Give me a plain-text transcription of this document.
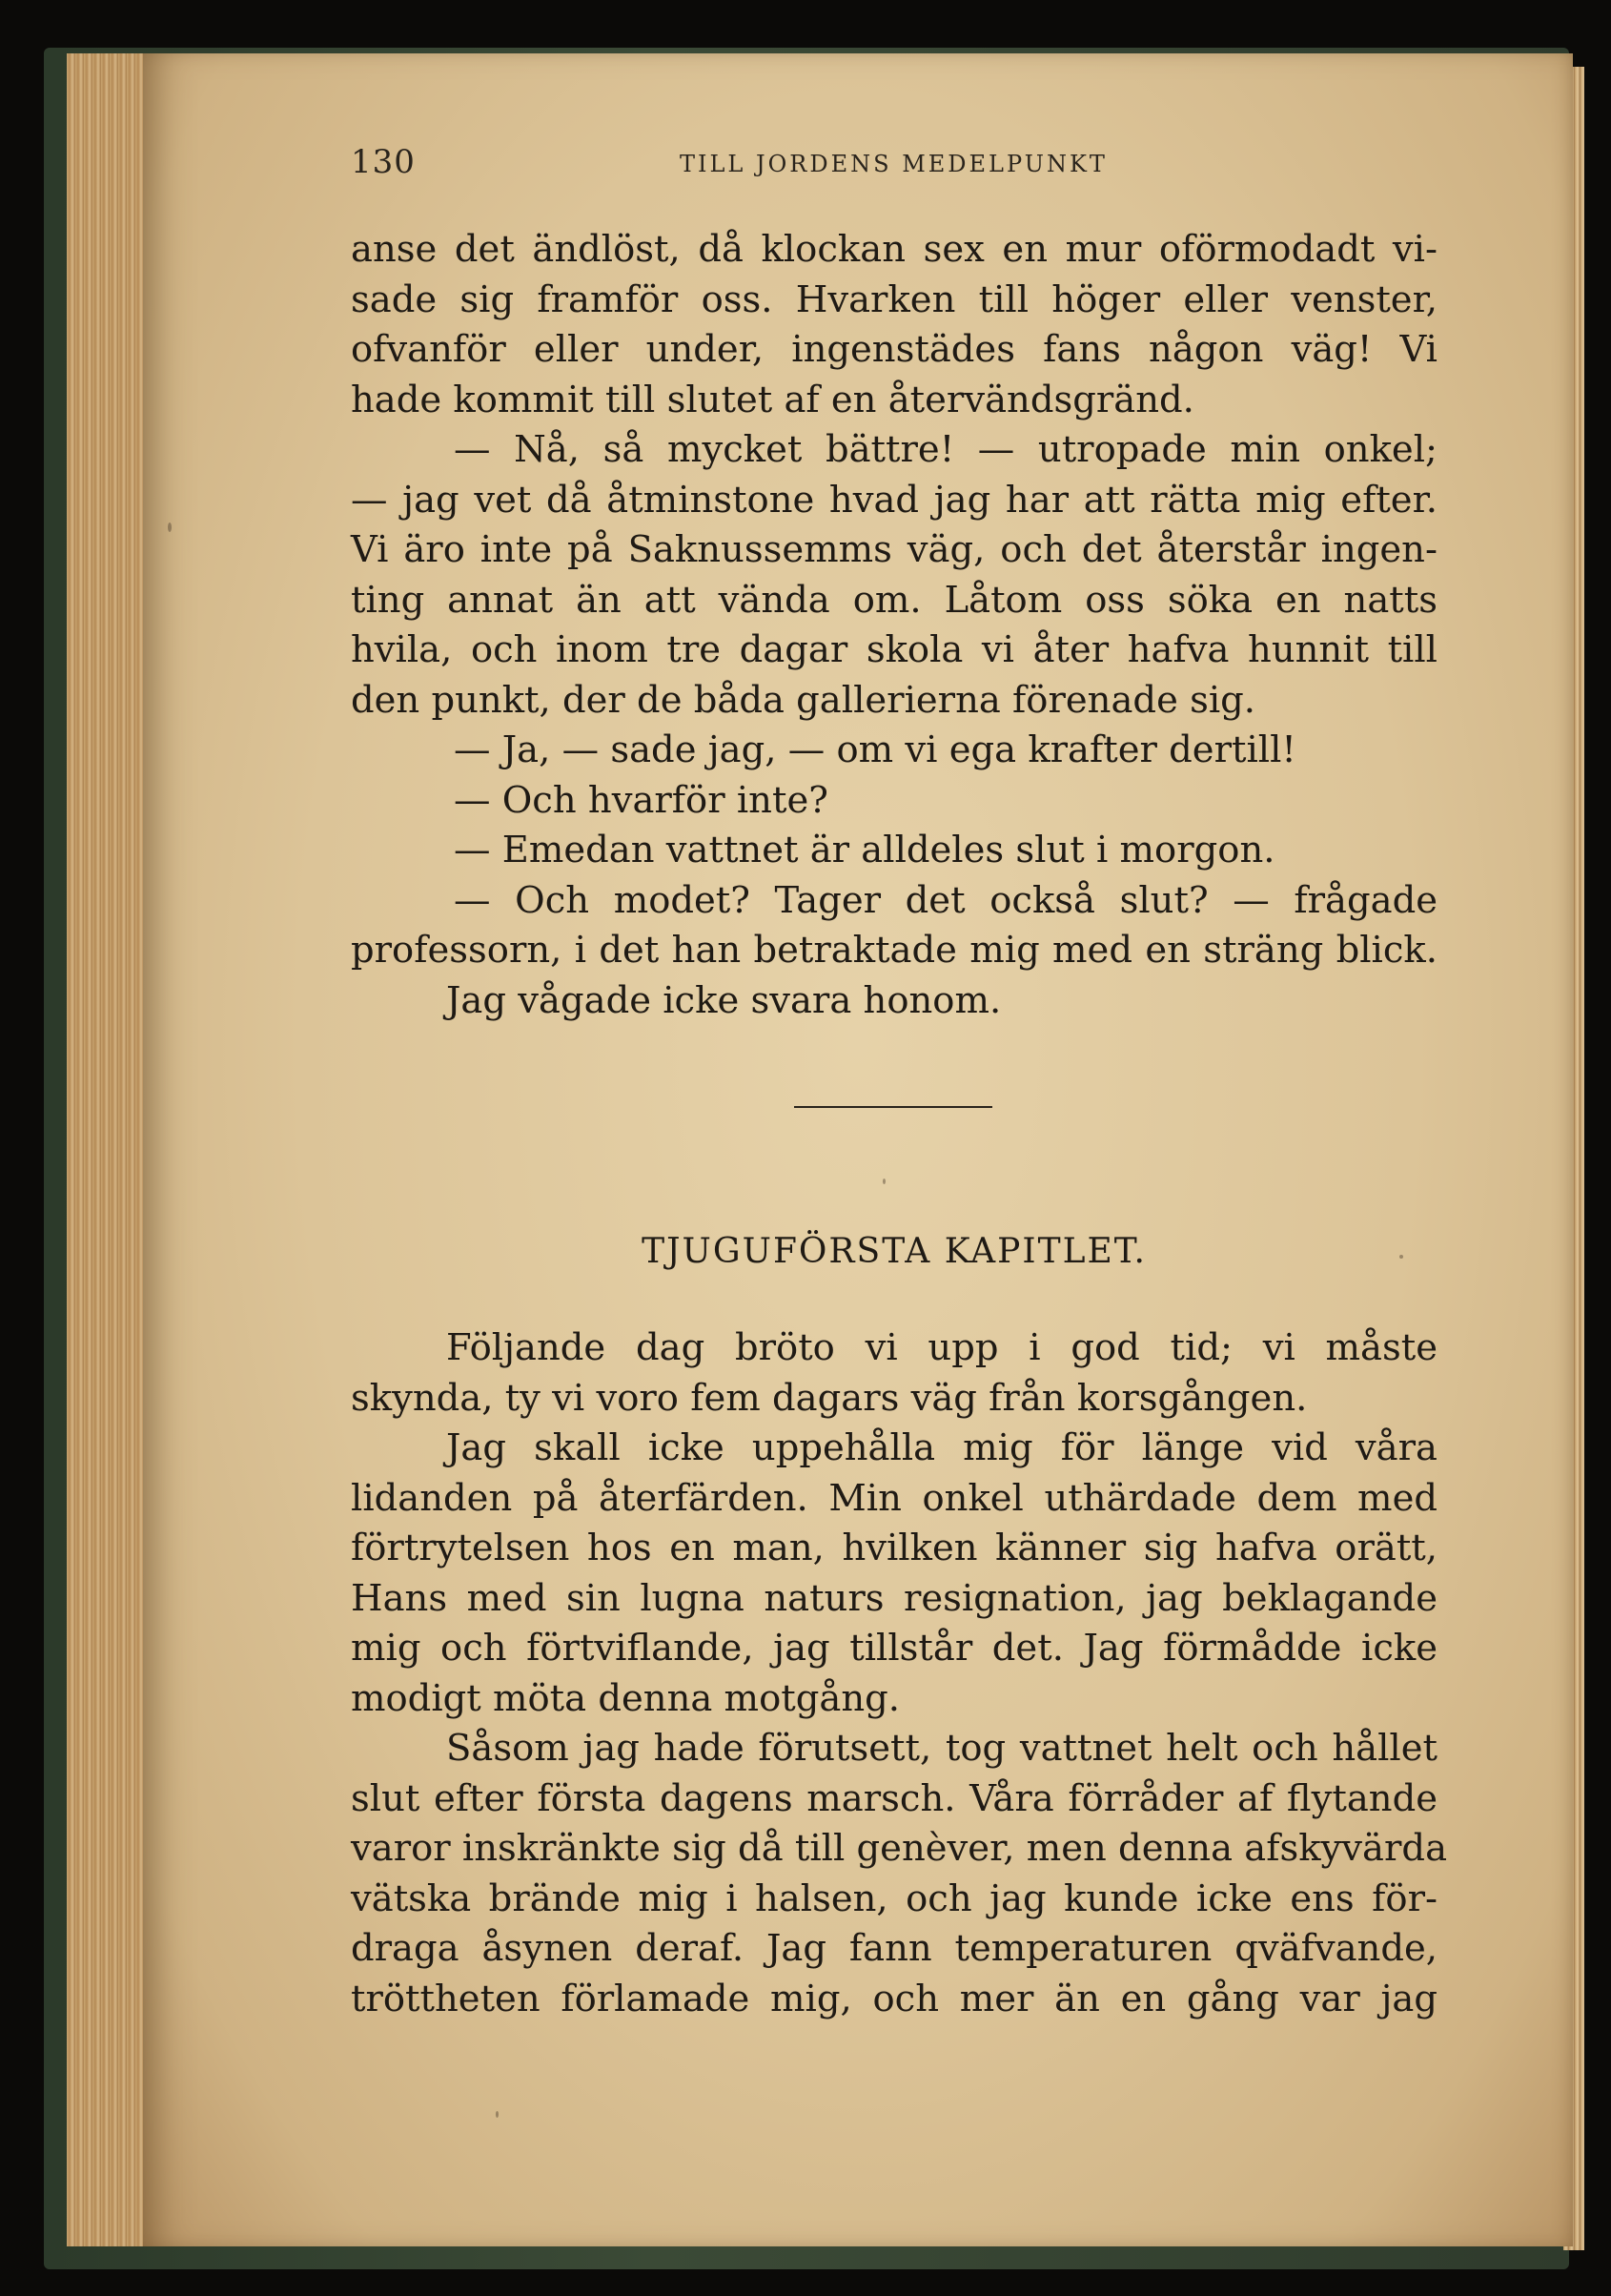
130	TILL JORDENS MEDELPUNKT
anse det ändlöst, då klockan sex en mur oförmodadt vi-
sade sig framför oss. Hvarken till höger eller venster,
ofvanför eller under, ingenstädes fans någon väg! Vi
hade kommit till slutet af en återvändsgränd.
— Nå, så mycket bättre! — utropade min onkel;
— jag vet då åtminstone hvad jag har att rätta mig efter.
Vi äro inte på Saknussemms väg, och det återstår ingen-
ting annat än att vända om. Låtom oss söka en natts
hvila, och inom tre dagar skola vi åter hafva hunnit till
den punkt, der de båda gallerierna förenade sig.
— Ja, — sade jag, — om vi ega krafter dertill!
— Och hvarför inte?
— Emedan vattnet är alldeles slut i morgon.
— Och modet? Tager det också slut? — frågade
professorn, i det han betraktade mig med en sträng blick.
Jag vågade icke svara honom.
TJUGUFÖRSTA KAPITLET.
Följande dag bröto vi upp i god tid; vi måste
skynda, ty vi voro fem dagars väg från korsgången.
Jag skall icke uppehålla mig för länge vid våra
lidanden på återfärden. Min onkel uthärdade dem med
förtrytelsen hos en man, hvilken känner sig hafva orätt,
Hans med sin lugna naturs resignation, jag beklagande
mig och förtviflande, jag tillstår det. Jag förmådde icke
modigt möta denna motgång.
Såsom jag hade förutsett, tog vattnet helt och hållet
slut efter första dagens marsch. Våra förråder af flytande
varor inskränkte sig då till genèver, men denna afskyvärda
vätska brände mig i halsen, och jag kunde icke ens för-
draga åsynen deraf. Jag fann temperaturen qväfvande,
tröttheten förlamade mig, och mer än en gång var jag
